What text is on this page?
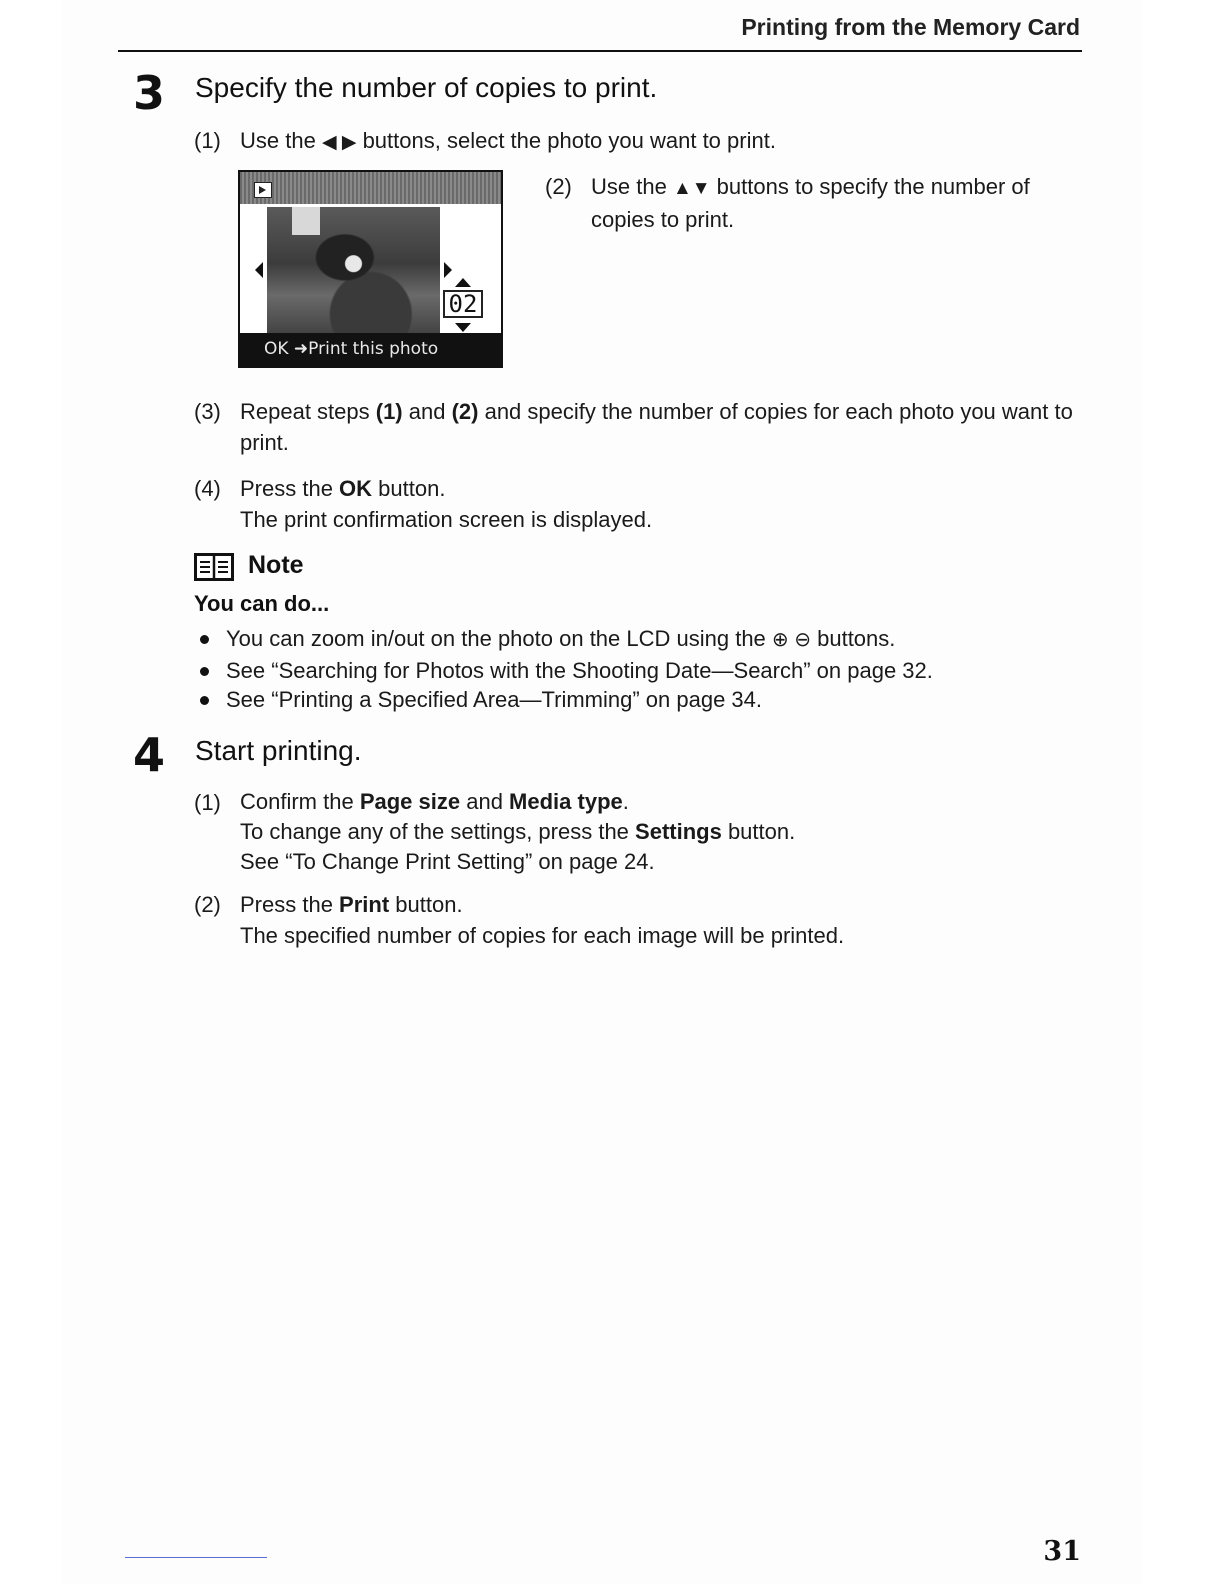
Printing from the Memory Card
3 Specify the number of copies to print.
(1) Use the ◀ ▶ buttons, select the photo you want to print.
02
OK ➜Print this photo
(2) Use the ▲▼ buttons to specify the number of copies to print.
(3) Repeat steps (1) and (2) and specify the number of copies for each photo you want to print.
(4) Press the OK button.
The print confirmation screen is displayed.
Note
You can do...
You can zoom in/out on the photo on the LCD using the ⊕ ⊖ buttons.
See “Searching for Photos with the Shooting Date—Search” on page 32.
See “Printing a Specified Area—Trimming” on page 34.
4 Start printing.
(1) Confirm the Page size and Media type.
To change any of the settings, press the Settings button.
See “To Change Print Setting” on page 24.
(2) Press the Print button.
The specified number of copies for each image will be printed.
31
